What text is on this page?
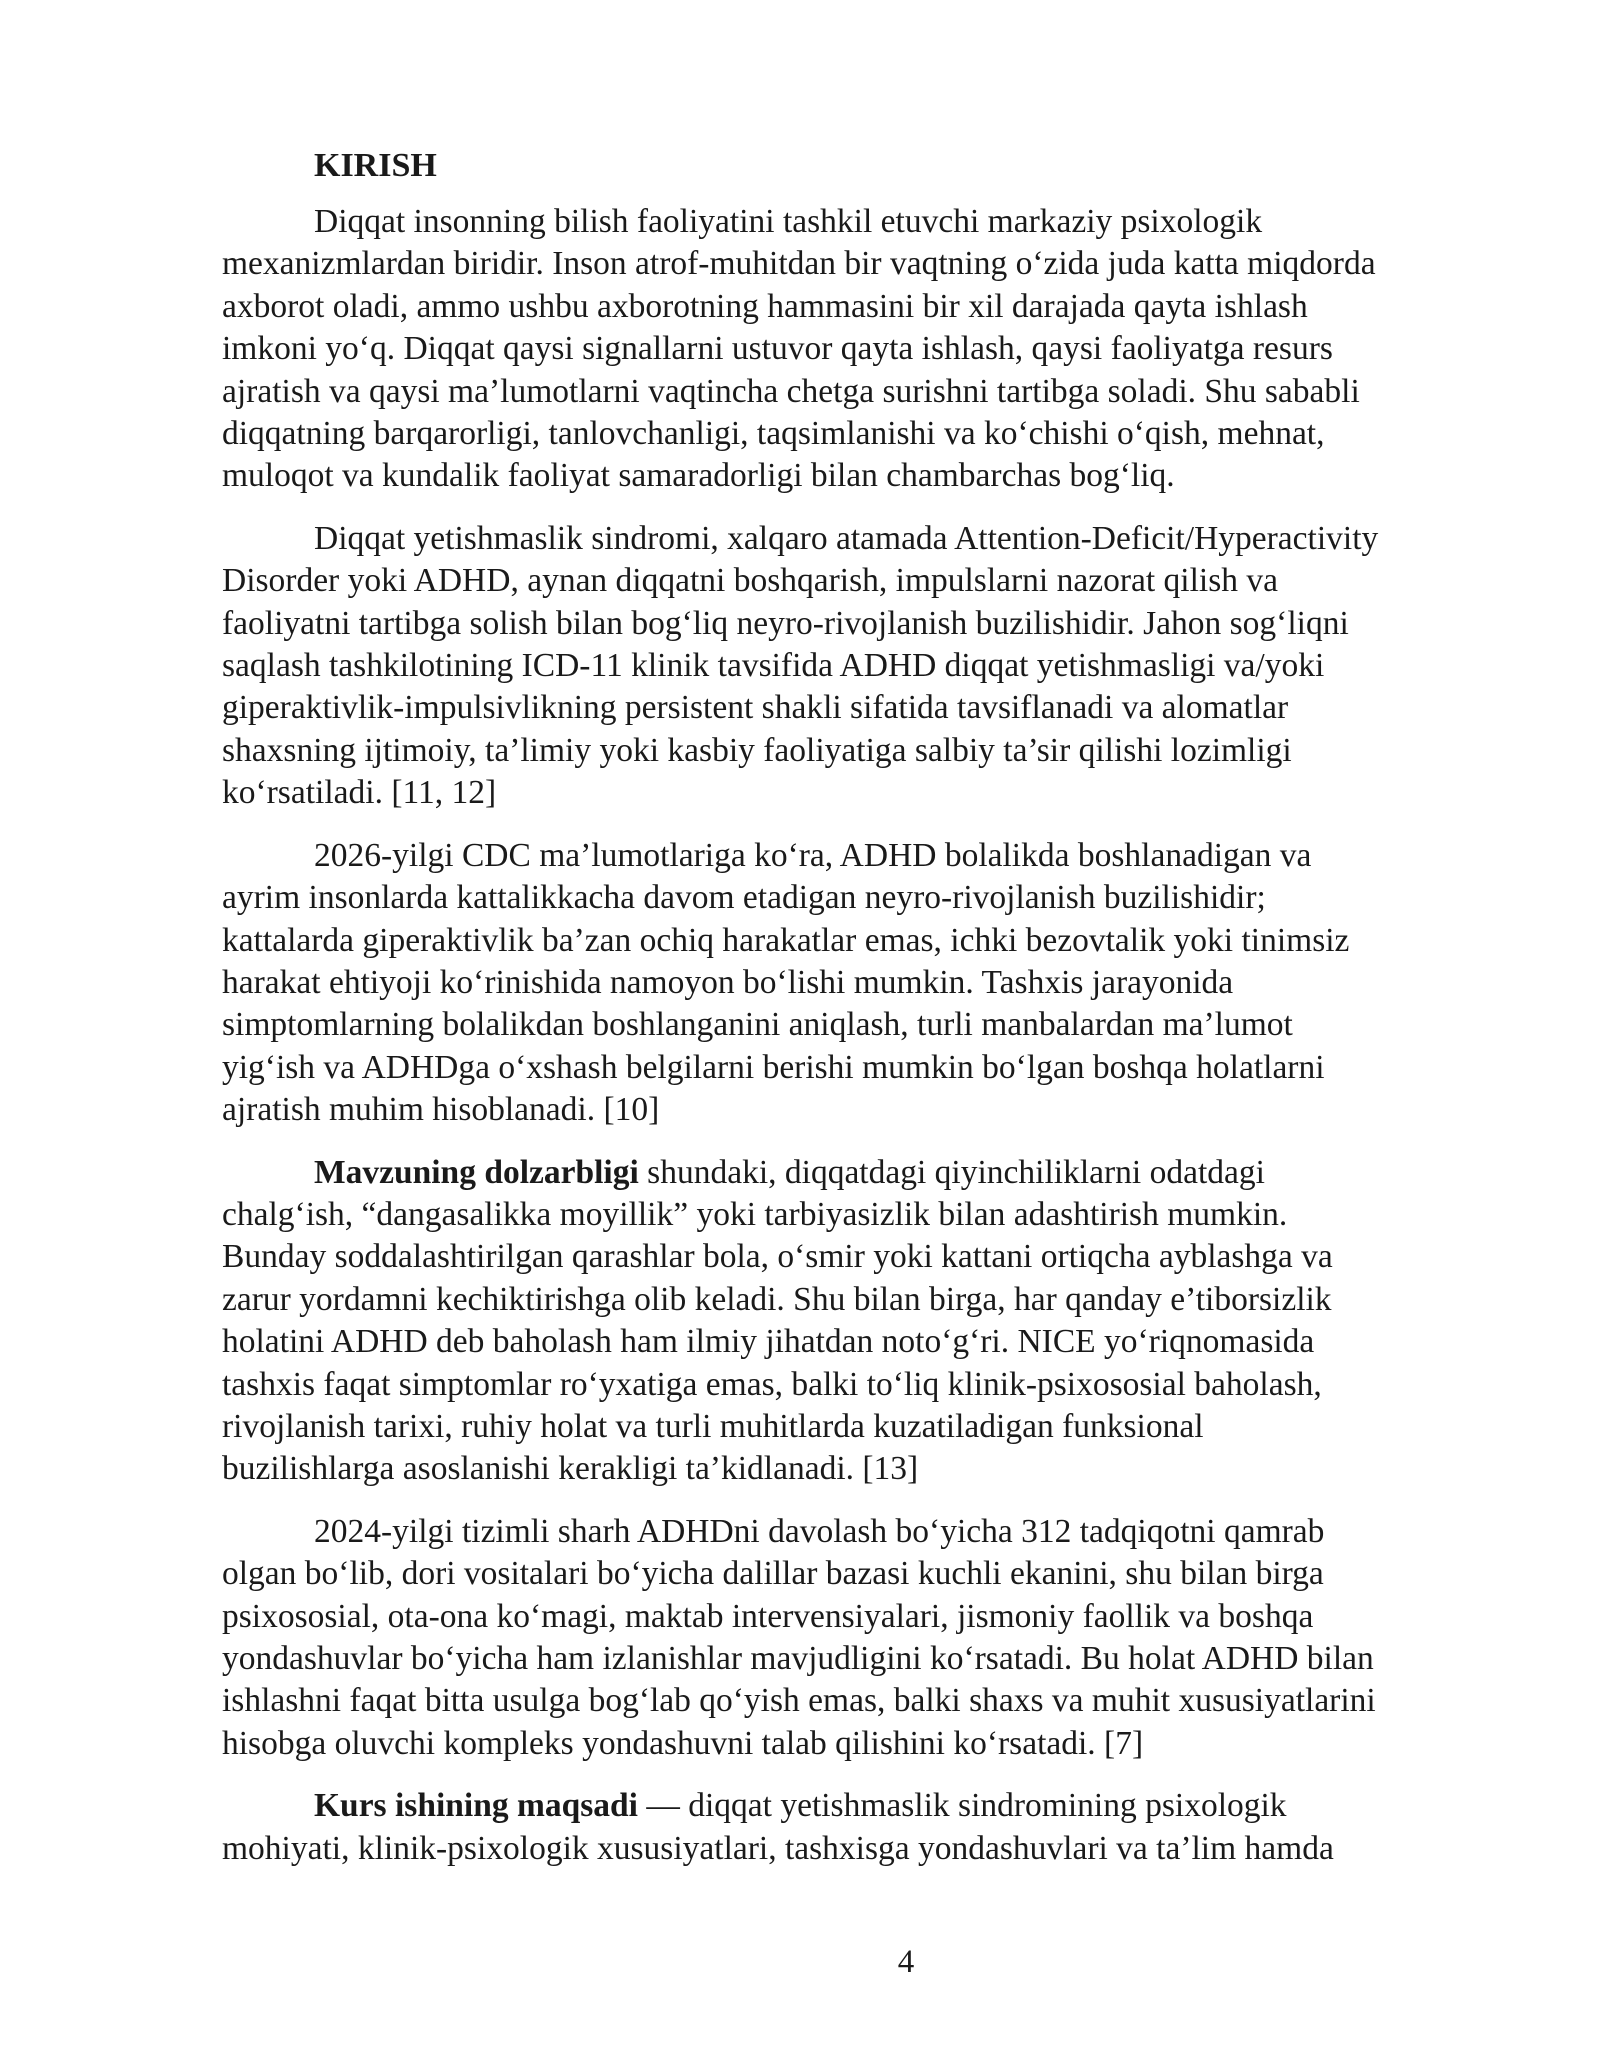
KIRISH
Diqqat insonning bilish faoliyatini tashkil etuvchi markaziy psixologik
mexanizmlardan biridir. Inson atrof-muhitdan bir vaqtning o‘zida juda katta miqdorda
axborot oladi, ammo ushbu axborotning hammasini bir xil darajada qayta ishlash
imkoni yo‘q. Diqqat qaysi signallarni ustuvor qayta ishlash, qaysi faoliyatga resurs
ajratish va qaysi ma’lumotlarni vaqtincha chetga surishni tartibga soladi. Shu sababli
diqqatning barqarorligi, tanlovchanligi, taqsimlanishi va ko‘chishi o‘qish, mehnat,
muloqot va kundalik faoliyat samaradorligi bilan chambarchas bog‘liq.
Diqqat yetishmaslik sindromi, xalqaro atamada Attention-Deficit/Hyperactivity
Disorder yoki ADHD, aynan diqqatni boshqarish, impulslarni nazorat qilish va
faoliyatni tartibga solish bilan bog‘liq neyro-rivojlanish buzilishidir. Jahon sog‘liqni
saqlash tashkilotining ICD-11 klinik tavsifida ADHD diqqat yetishmasligi va/yoki
giperaktivlik-impulsivlikning persistent shakli sifatida tavsiflanadi va alomatlar
shaxsning ijtimoiy, ta’limiy yoki kasbiy faoliyatiga salbiy ta’sir qilishi lozimligi
ko‘rsatiladi. [11, 12]
2026-yilgi CDC ma’lumotlariga ko‘ra, ADHD bolalikda boshlanadigan va
ayrim insonlarda kattalikkacha davom etadigan neyro-rivojlanish buzilishidir;
kattalarda giperaktivlik ba’zan ochiq harakatlar emas, ichki bezovtalik yoki tinimsiz
harakat ehtiyoji ko‘rinishida namoyon bo‘lishi mumkin. Tashxis jarayonida
simptomlarning bolalikdan boshlanganini aniqlash, turli manbalardan ma’lumot
yig‘ish va ADHDga o‘xshash belgilarni berishi mumkin bo‘lgan boshqa holatlarni
ajratish muhim hisoblanadi. [10]
Mavzuning dolzarbligi shundaki, diqqatdagi qiyinchiliklarni odatdagi
chalg‘ish, “dangasalikka moyillik” yoki tarbiyasizlik bilan adashtirish mumkin.
Bunday soddalashtirilgan qarashlar bola, o‘smir yoki kattani ortiqcha ayblashga va
zarur yordamni kechiktirishga olib keladi. Shu bilan birga, har qanday e’tiborsizlik
holatini ADHD deb baholash ham ilmiy jihatdan noto‘g‘ri. NICE yo‘riqnomasida
tashxis faqat simptomlar ro‘yxatiga emas, balki to‘liq klinik-psixososial baholash,
rivojlanish tarixi, ruhiy holat va turli muhitlarda kuzatiladigan funksional
buzilishlarga asoslanishi kerakligi ta’kidlanadi. [13]
2024-yilgi tizimli sharh ADHDni davolash bo‘yicha 312 tadqiqotni qamrab
olgan bo‘lib, dori vositalari bo‘yicha dalillar bazasi kuchli ekanini, shu bilan birga
psixososial, ota-ona ko‘magi, maktab intervensiyalari, jismoniy faollik va boshqa
yondashuvlar bo‘yicha ham izlanishlar mavjudligini ko‘rsatadi. Bu holat ADHD bilan
ishlashni faqat bitta usulga bog‘lab qo‘yish emas, balki shaxs va muhit xususiyatlarini
hisobga oluvchi kompleks yondashuvni talab qilishini ko‘rsatadi. [7]
Kurs ishining maqsadi — diqqat yetishmaslik sindromining psixologik
mohiyati, klinik-psixologik xususiyatlari, tashxisga yondashuvlari va ta’lim hamda
4
